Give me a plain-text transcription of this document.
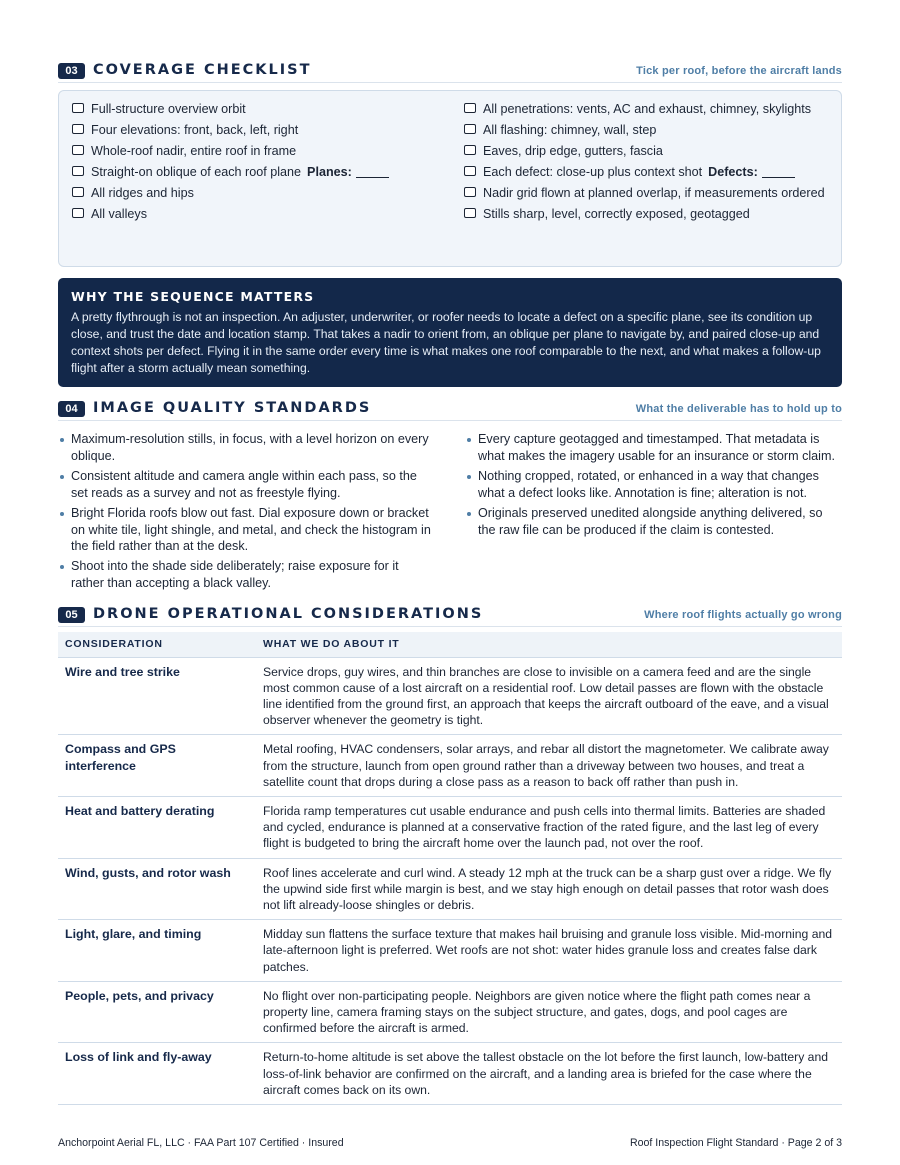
03	COVERAGE CHECKLIST	Tick per roof, before the aircraft lands
Full-structure overview orbit
Four elevations: front, back, left, right
Whole-roof nadir, entire roof in frame
Straight-on oblique of each roof plane Planes:
All ridges and hips
All valleys
All penetrations: vents, AC and exhaust, chimney, skylights
All flashing: chimney, wall, step
Eaves, drip edge, gutters, fascia
Each defect: close-up plus context shot Defects:
Nadir grid flown at planned overlap, if measurements ordered
Stills sharp, level, correctly exposed, geotagged
WHY THE SEQUENCE MATTERS
A pretty flythrough is not an inspection. An adjuster, underwriter, or roofer needs to locate a defect on a specific plane, see its condition up close, and trust the date and location stamp. That takes a nadir to orient from, an oblique per plane to navigate by, and paired close-up and context shots per defect. Flying it in the same order every time is what makes one roof comparable to the next, and what makes a follow-up flight after a storm actually mean something.
04	IMAGE QUALITY STANDARDS	What the deliverable has to hold up to
Maximum-resolution stills, in focus, with a level horizon on every oblique.
Consistent altitude and camera angle within each pass, so the set reads as a survey and not as freestyle flying.
Bright Florida roofs blow out fast. Dial exposure down or bracket on white tile, light shingle, and metal, and check the histogram in the field rather than at the desk.
Shoot into the shade side deliberately; raise exposure for it rather than accepting a black valley.
Every capture geotagged and timestamped. That metadata is what makes the imagery usable for an insurance or storm claim.
Nothing cropped, rotated, or enhanced in a way that changes what a defect looks like. Annotation is fine; alteration is not.
Originals preserved unedited alongside anything delivered, so the raw file can be produced if the claim is contested.
05	DRONE OPERATIONAL CONSIDERATIONS	Where roof flights actually go wrong
CONSIDERATION	WHAT WE DO ABOUT IT
Wire and tree strike	Service drops, guy wires, and thin branches are close to invisible on a camera feed and are the single most common cause of a lost aircraft on a residential roof. Low detail passes are flown with the obstacle line identified from the ground first, an approach that keeps the aircraft outboard of the eave, and a visual observer whenever the geometry is tight.
Compass and GPS interference	Metal roofing, HVAC condensers, solar arrays, and rebar all distort the magnetometer. We calibrate away from the structure, launch from open ground rather than a driveway between two houses, and treat a satellite count that drops during a close pass as a reason to back off rather than push in.
Heat and battery derating	Florida ramp temperatures cut usable endurance and push cells into thermal limits. Batteries are shaded and cycled, endurance is planned at a conservative fraction of the rated figure, and the last leg of every flight is budgeted to bring the aircraft home over the launch pad, not over the roof.
Wind, gusts, and rotor wash	Roof lines accelerate and curl wind. A steady 12 mph at the truck can be a sharp gust over a ridge. We fly the upwind side first while margin is best, and we stay high enough on detail passes that rotor wash does not lift already-loose shingles or debris.
Light, glare, and timing	Midday sun flattens the surface texture that makes hail bruising and granule loss visible. Mid-morning and late-afternoon light is preferred. Wet roofs are not shot: water hides granule loss and creates false dark patches.
People, pets, and privacy	No flight over non-participating people. Neighbors are given notice where the flight path comes near a property line, camera framing stays on the subject structure, and gates, dogs, and pool cages are confirmed before the aircraft is armed.
Loss of link and fly-away	Return-to-home altitude is set above the tallest obstacle on the lot before the first launch, low-battery and loss-of-link behavior are confirmed on the aircraft, and a landing area is briefed for the case where the aircraft comes back on its own.
Anchorpoint Aerial FL, LLC · FAA Part 107 Certified · Insured	Roof Inspection Flight Standard · Page 2 of 3
